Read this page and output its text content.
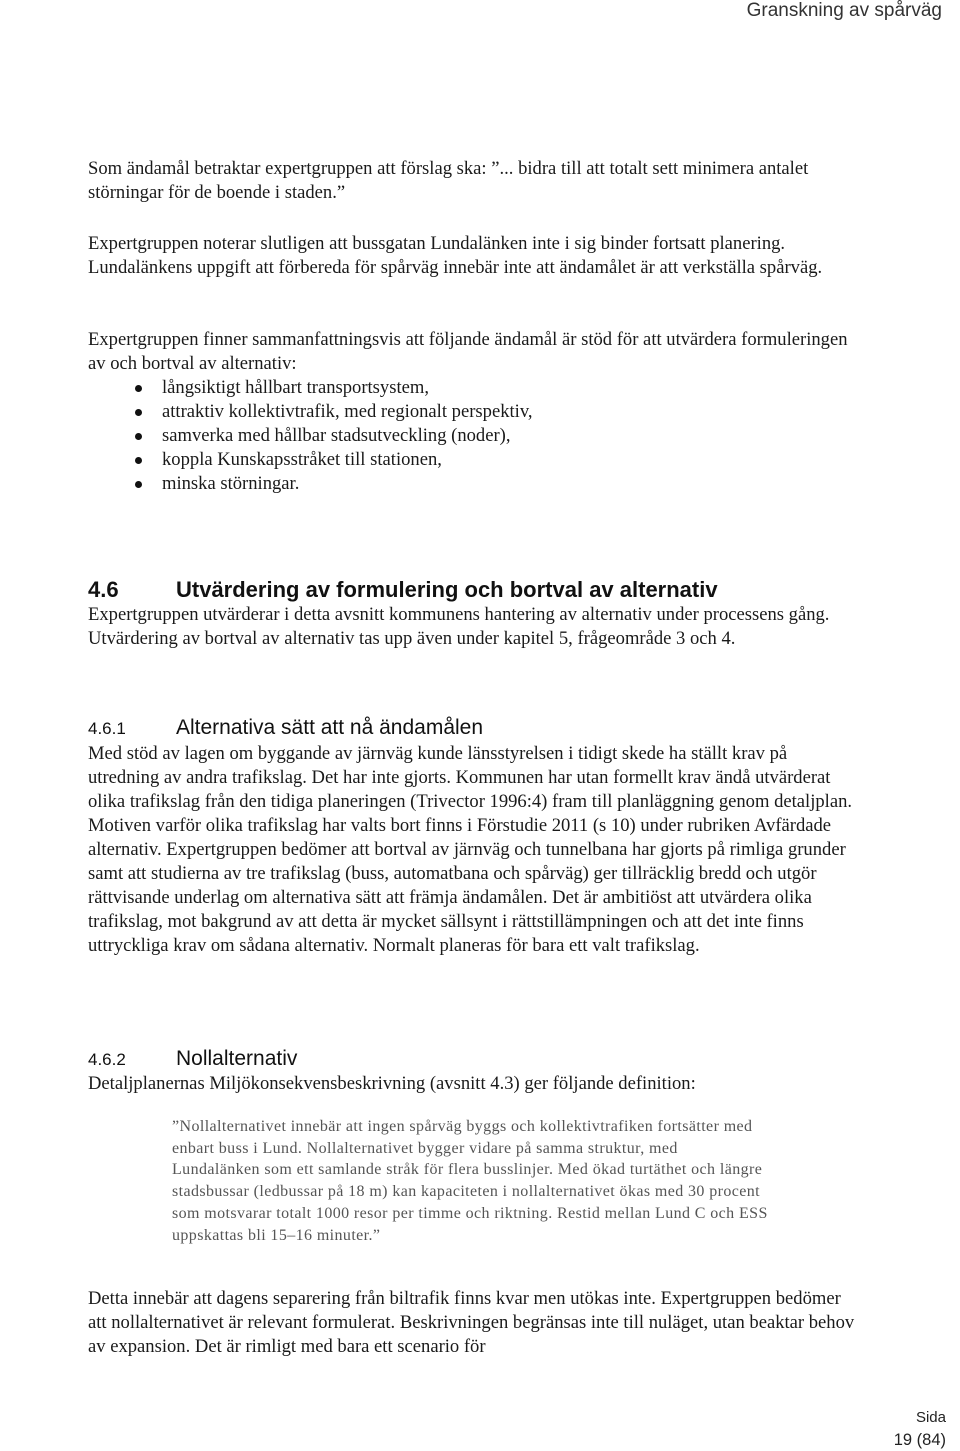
Granskning av spårväg

Som ändamål betraktar expertgruppen att förslag ska: ”... bidra till att totalt sett minimera antalet störningar för de boende i staden.”

Expertgruppen noterar slutligen att bussgatan Lundalänken inte i sig binder fortsatt planering. Lundalänkens uppgift att förbereda för spårväg innebär inte att ändamålet är att verkställa spårväg.

Expertgruppen finner sammanfattningsvis att följande ändamål är stöd för att utvärdera formuleringen av och bortval av alternativ:

långsiktigt hållbart transportsystem,
attraktiv kollektivtrafik, med regionalt perspektiv,
samverka med hållbar stadsutveckling (noder),
koppla Kunskapsstråket till stationen,
minska störningar.
4.6	Utvärdering av formulering och bortval av alternativ

Expertgruppen utvärderar i detta avsnitt kommunens hantering av alternativ under processens gång. Utvärdering av bortval av alternativ tas upp även under kapitel 5, frågeområde 3 och 4.

4.6.1 Alternativa sätt att nå ändamålen

Med stöd av lagen om byggande av järnväg kunde länsstyrelsen i tidigt skede ha ställt krav på utredning av andra trafikslag. Det har inte gjorts. Kommunen har utan formellt krav ändå utvärderat olika trafikslag från den tidiga planeringen (Trivector 1996:4) fram till planläggning genom detaljplan. Motiven varför olika trafikslag har valts bort finns i Förstudie 2011 (s 10) under rubriken Avfärdade alternativ. Expertgruppen bedömer att bortval av järnväg och tunnelbana har gjorts på rimliga grunder samt att studierna av tre trafikslag (buss, automatbana och spårväg) ger tillräcklig bredd och utgör rättvisande underlag om alternativa sätt att främja ändamålen. Det är ambitiöst att utvärdera olika trafikslag, mot bakgrund av att detta är mycket sällsynt i rättstillämpningen och att det inte finns uttryckliga krav om sådana alternativ. Normalt planeras för bara ett valt trafikslag.

4.6.2 Nollalternativ

Detaljplanernas Miljökonsekvensbeskrivning (avsnitt 4.3) ger följande definition:

”Nollalternativet innebär att ingen spårväg byggs och kollektivtrafiken fortsätter med enbart buss i Lund. Nollalternativet bygger vidare på samma struktur, med Lundalänken som ett samlande stråk för flera busslinjer. Med ökad turtäthet och längre stadsbussar (ledbussar på 18 m) kan kapaciteten i nollalternativet ökas med 30 procent som motsvarar totalt 1000 resor per timme och riktning. Restid mellan Lund C och ESS uppskattas bli 15–16 minuter.”

Detta innebär att dagens separering från biltrafik finns kvar men utökas inte. Expertgruppen bedömer att nollalternativet är relevant formulerat. Beskrivningen begränsas inte till nuläget, utan beaktar behov av expansion. Det är rimligt med bara ett scenario för

Sida
19 (84)
